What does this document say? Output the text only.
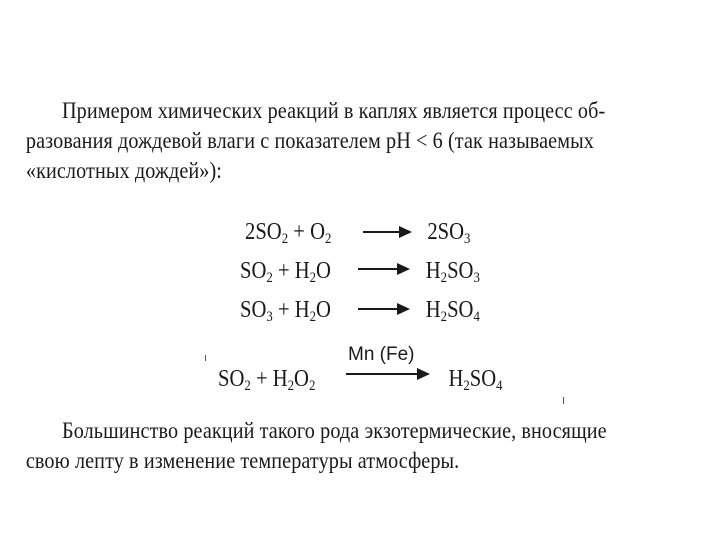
Примером химических реакций в каплях является процесс об-

разования дождевой влаги с показателем pH < 6 (так называемых

«кислотных дождей»):

$2SO_2 + O_2$	$2SO_3$
$SO_2 + H_2O$	$H_2SO_3$
$SO_3 + H_2O$	$H_2SO_4$
Mn (Fe)
$SO_2 + H_2O_2$	$H_2SO_4$

Большинство реакций такого рода экзотермические, вносящие

свою лепту в изменение температуры атмосферы.
